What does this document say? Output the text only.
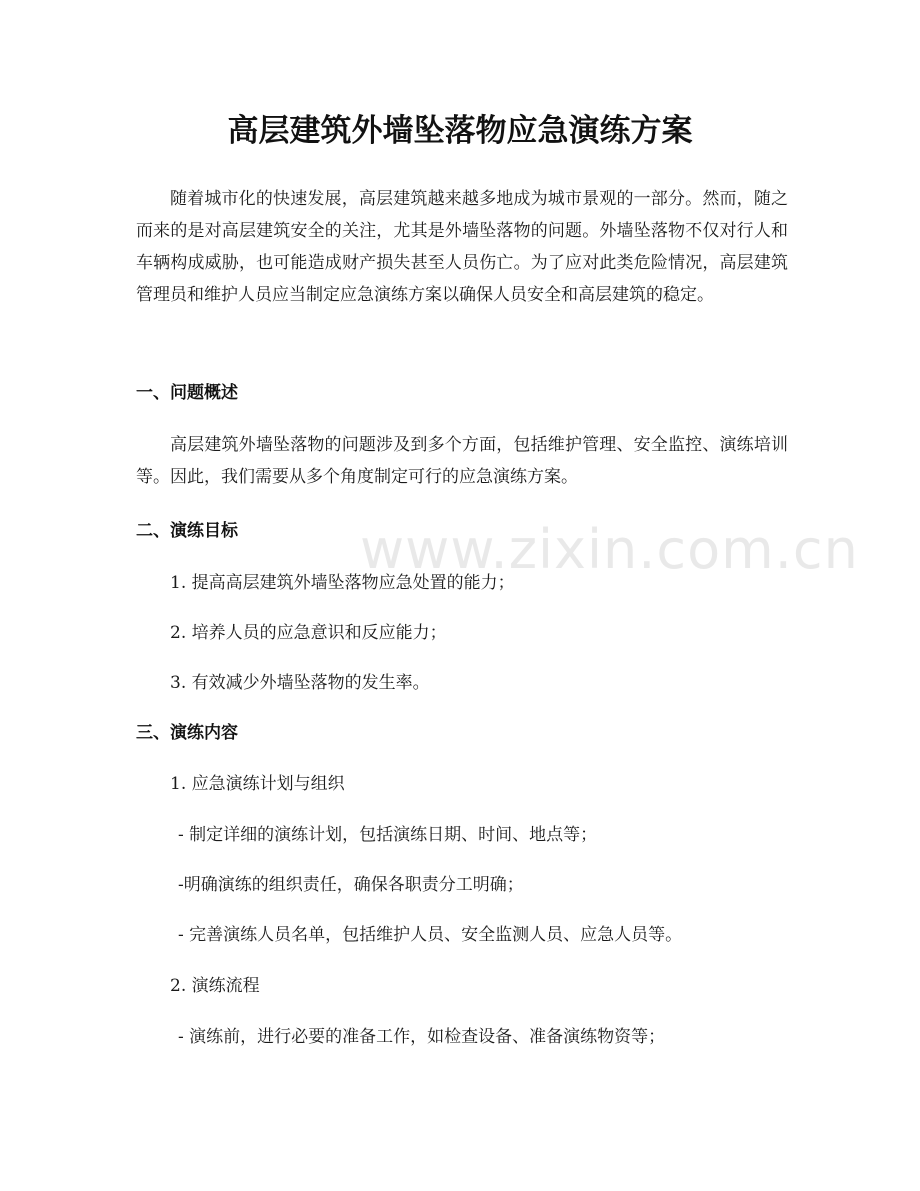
高层建筑外墙坠落物应急演练方案

随着城市化的快速发展，高层建筑越来越多地成为城市景观的一部分。然而，随之而来的是对高层建筑安全的关注，尤其是外墙坠落物的问题。外墙坠落物不仅对行人和车辆构成威胁，也可能造成财产损失甚至人员伤亡。为了应对此类危险情况，高层建筑管理员和维护人员应当制定应急演练方案以确保人员安全和高层建筑的稳定。

一、问题概述

高层建筑外墙坠落物的问题涉及到多个方面，包括维护管理、安全监控、演练培训等。因此，我们需要从多个角度制定可行的应急演练方案。

二、演练目标

1. 提高高层建筑外墙坠落物应急处置的能力；

2. 培养人员的应急意识和反应能力；

3. 有效减少外墙坠落物的发生率。

三、演练内容

1. 应急演练计划与组织

- 制定详细的演练计划，包括演练日期、时间、地点等；

-明确演练的组织责任，确保各职责分工明确；

- 完善演练人员名单，包括维护人员、安全监测人员、应急人员等。

2. 演练流程

- 演练前，进行必要的准备工作，如检查设备、准备演练物资等；

www.zixin.com.cn
